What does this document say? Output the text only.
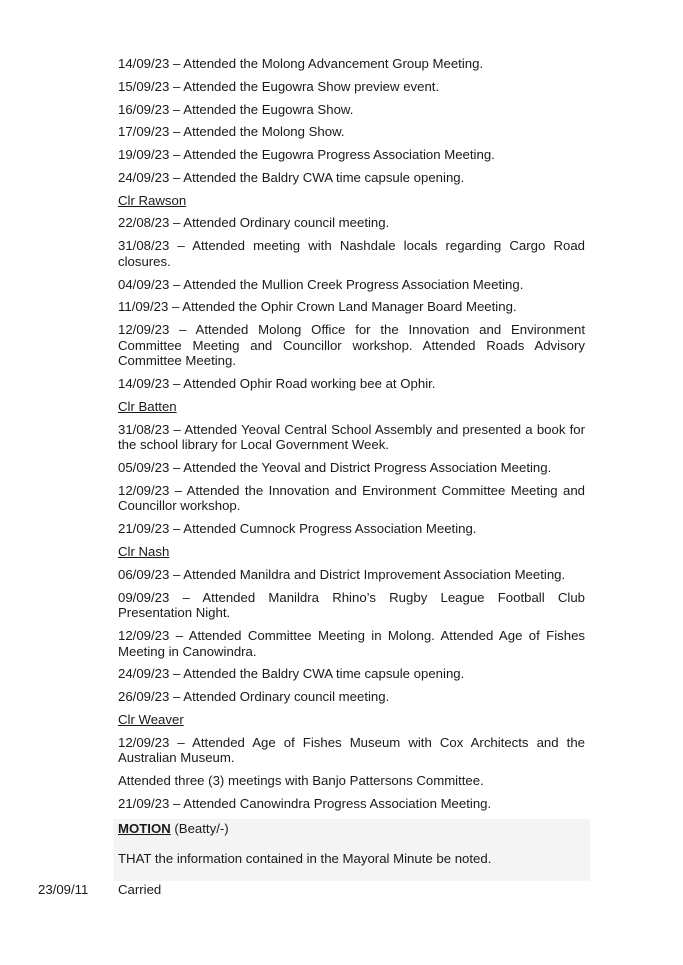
14/09/23 – Attended the Molong Advancement Group Meeting.

15/09/23 – Attended the Eugowra Show preview event.

16/09/23 – Attended the Eugowra Show.

17/09/23 – Attended the Molong Show.

19/09/23 – Attended the Eugowra Progress Association Meeting.

24/09/23 – Attended the Baldry CWA time capsule opening.

Clr Rawson

22/08/23 – Attended Ordinary council meeting.

31/08/23 – Attended meeting with Nashdale locals regarding Cargo Road closures.

04/09/23 – Attended the Mullion Creek Progress Association Meeting.

11/09/23 – Attended the Ophir Crown Land Manager Board Meeting.

12/09/23 – Attended Molong Office for the Innovation and Environment Committee Meeting and Councillor workshop. Attended Roads Advisory Committee Meeting.

14/09/23 – Attended Ophir Road working bee at Ophir.

Clr Batten

31/08/23 – Attended Yeoval Central School Assembly and presented a book for the school library for Local Government Week.

05/09/23 – Attended the Yeoval and District Progress Association Meeting.

12/09/23 – Attended the Innovation and Environment Committee Meeting and Councillor workshop.

21/09/23 – Attended Cumnock Progress Association Meeting.

Clr Nash

06/09/23 – Attended Manildra and District Improvement Association Meeting.

09/09/23 – Attended Manildra Rhino’s Rugby League Football Club Presentation Night.

12/09/23 – Attended Committee Meeting in Molong. Attended Age of Fishes Meeting in Canowindra.

24/09/23 – Attended the Baldry CWA time capsule opening.

26/09/23 – Attended Ordinary council meeting.

Clr Weaver

12/09/23 – Attended Age of Fishes Museum with Cox Architects and the Australian Museum.

Attended three (3) meetings with Banjo Pattersons Committee.

21/09/23 – Attended Canowindra Progress Association Meeting.

MOTION (Beatty/-)

THAT the information contained in the Mayoral Minute be noted.

23/09/11 Carried
